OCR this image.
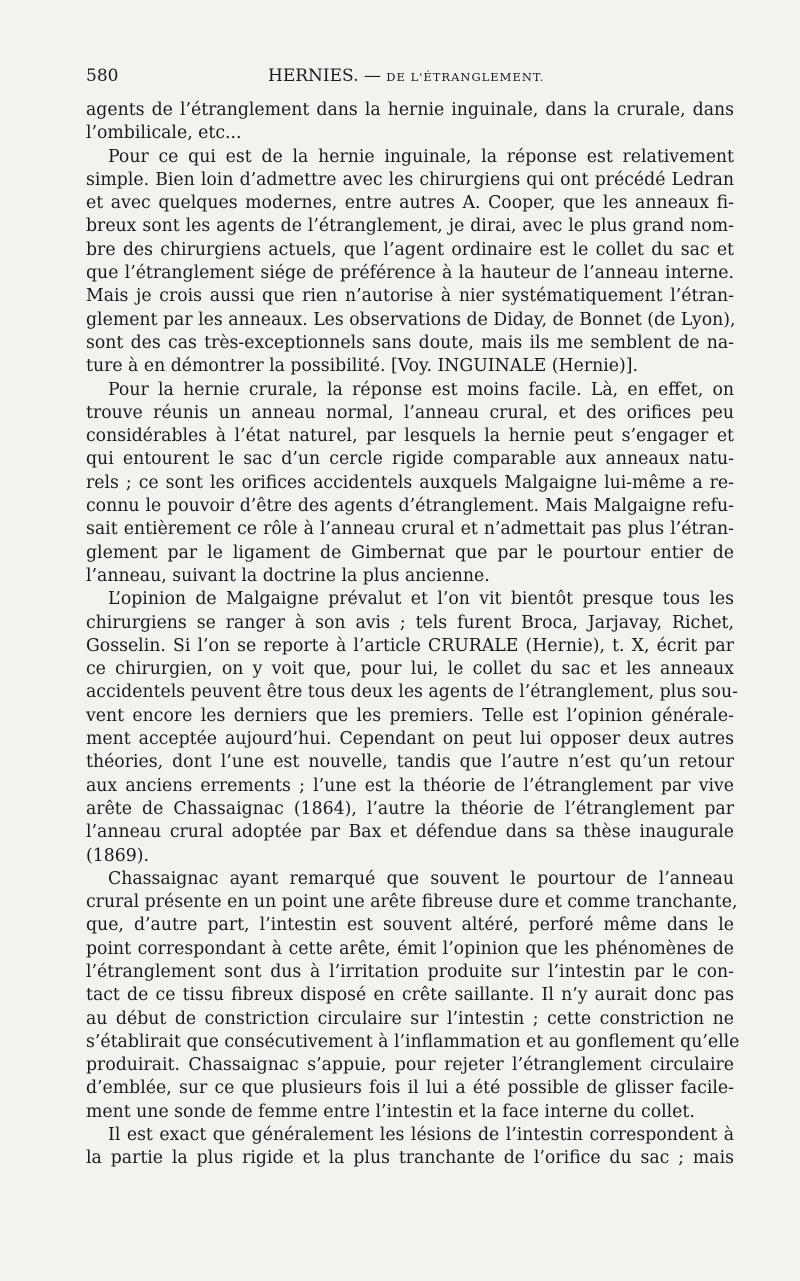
580	HERNIES. — DE L'ÉTRANGLEMENT.
agents de l’étranglement dans la hernie inguinale, dans la crurale, dans
l’ombilicale, etc...
Pour ce qui est de la hernie inguinale, la réponse est relativement
simple. Bien loin d’admettre avec les chirurgiens qui ont précédé Ledran
et avec quelques modernes, entre autres A. Cooper, que les anneaux fi-
breux sont les agents de l’étranglement, je dirai, avec le plus grand nom-
bre des chirurgiens actuels, que l’agent ordinaire est le collet du sac et
que l’étranglement siége de préférence à la hauteur de l’anneau interne.
Mais je crois aussi que rien n’autorise à nier systématiquement l’étran-
glement par les anneaux. Les observations de Diday, de Bonnet (de Lyon),
sont des cas très-exceptionnels sans doute, mais ils me semblent de na-
ture à en démontrer la possibilité. [Voy. INGUINALE (Hernie)].
Pour la hernie crurale, la réponse est moins facile. Là, en effet, on
trouve réunis un anneau normal, l’anneau crural, et des orifices peu
considérables à l’état naturel, par lesquels la hernie peut s’engager et
qui entourent le sac d’un cercle rigide comparable aux anneaux natu-
rels ; ce sont les orifices accidentels auxquels Malgaigne lui-même a re-
connu le pouvoir d’être des agents d’étranglement. Mais Malgaigne refu-
sait entièrement ce rôle à l’anneau crural et n’admettait pas plus l’étran-
glement par le ligament de Gimbernat que par le pourtour entier de
l’anneau, suivant la doctrine la plus ancienne.
L’opinion de Malgaigne prévalut et l’on vit bientôt presque tous les
chirurgiens se ranger à son avis ; tels furent Broca, Jarjavay, Richet,
Gosselin. Si l’on se reporte à l’article CRURALE (Hernie), t. X, écrit par
ce chirurgien, on y voit que, pour lui, le collet du sac et les anneaux
accidentels peuvent être tous deux les agents de l’étranglement, plus sou-
vent encore les derniers que les premiers. Telle est l’opinion générale-
ment acceptée aujourd’hui. Cependant on peut lui opposer deux autres
théories, dont l’une est nouvelle, tandis que l’autre n’est qu’un retour
aux anciens errements ; l’une est la théorie de l’étranglement par vive
arête de Chassaignac (1864), l’autre la théorie de l’étranglement par
l’anneau crural adoptée par Bax et défendue dans sa thèse inaugurale
(1869).
Chassaignac ayant remarqué que souvent le pourtour de l’anneau
crural présente en un point une arête fibreuse dure et comme tranchante,
que, d’autre part, l’intestin est souvent altéré, perforé même dans le
point correspondant à cette arête, émit l’opinion que les phénomènes de
l’étranglement sont dus à l’irritation produite sur l’intestin par le con-
tact de ce tissu fibreux disposé en crête saillante. Il n’y aurait donc pas
au début de constriction circulaire sur l’intestin ; cette constriction ne
s’établirait que consécutivement à l’inflammation et au gonflement qu’elle
produirait. Chassaignac s’appuie, pour rejeter l’étranglement circulaire
d’emblée, sur ce que plusieurs fois il lui a été possible de glisser facile-
ment une sonde de femme entre l’intestin et la face interne du collet.
Il est exact que généralement les lésions de l’intestin correspondent à
la partie la plus rigide et la plus tranchante de l’orifice du sac ; mais
